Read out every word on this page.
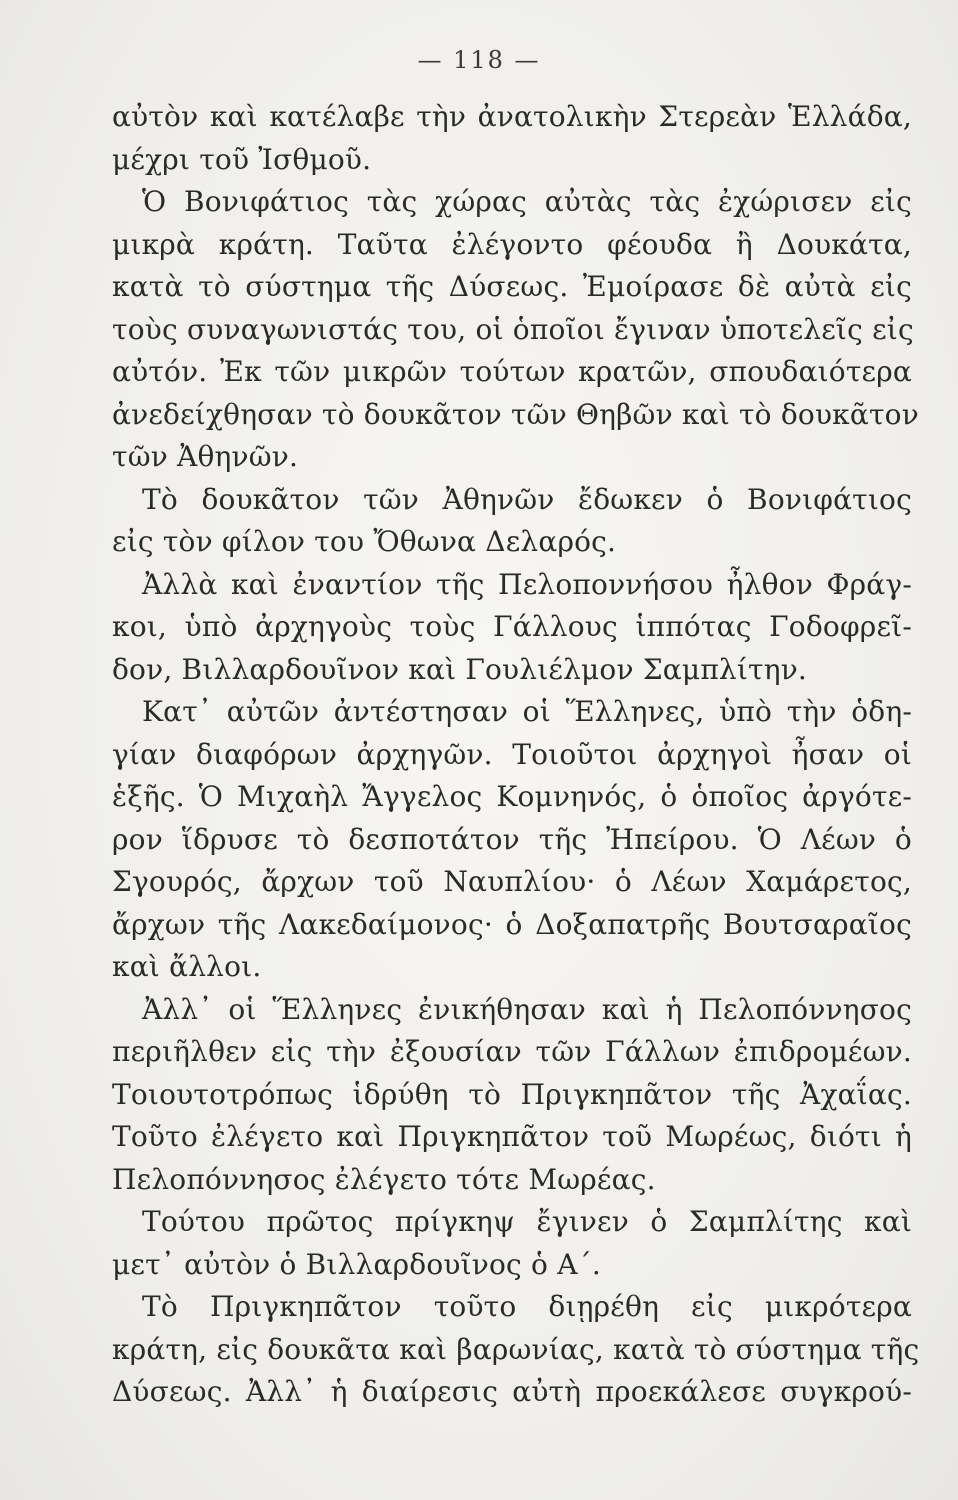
— 118 —
αὐτὸν καὶ κατέλαβε τὴν ἀνατολικὴν Στερεὰν Ἑλλάδα,
μέχρι τοῦ Ἰσθμοῦ.
Ὁ Βονιφάτιος τὰς χώρας αὐτὰς τὰς ἐχώρισεν εἰς
μικρὰ κράτη. Ταῦτα ἐλέγοντο φέουδα ἢ Δουκάτα,
κατὰ τὸ σύστημα τῆς Δύσεως. Ἐμοίρασε δὲ αὐτὰ εἰς
τοὺς συναγωνιστάς του, οἱ ὁποῖοι ἔγιναν ὑποτελεῖς εἰς
αὐτόν. Ἐκ τῶν μικρῶν τούτων κρατῶν, σπουδαιότερα
ἀνεδείχθησαν τὸ δουκᾶτον τῶν Θηβῶν καὶ τὸ δουκᾶτον
τῶν Ἀθηνῶν.
Τὸ δουκᾶτον τῶν Ἀθηνῶν ἔδωκεν ὁ Βονιφάτιος
εἰς τὸν φίλον του Ὄθωνα Δελαρός.
Ἀλλὰ καὶ ἐναντίον τῆς Πελοποννήσου ἦλθον Φράγ-
κοι, ὑπὸ ἀρχηγοὺς τοὺς Γάλλους ἱππότας Γοδοφρεῖ-
δον, Βιλλαρδουῖνον καὶ Γουλιέλμον Σαμπλίτην.
Κατ᾽ αὐτῶν ἀντέστησαν οἱ Ἕλληνες, ὑπὸ τὴν ὁδη-
γίαν διαφόρων ἀρχηγῶν. Τοιοῦτοι ἀρχηγοὶ ἦσαν οἱ
ἑξῆς. Ὁ Μιχαὴλ Ἄγγελος Κομνηνός, ὁ ὁποῖος ἀργότε-
ρον ἵδρυσε τὸ δεσποτάτον τῆς Ἠπείρου. Ὁ Λέων ὁ
Σγουρός, ἄρχων τοῦ Ναυπλίου· ὁ Λέων Χαμάρετος,
ἄρχων τῆς Λακεδαίμονος· ὁ Δοξαπατρῆς Βουτσαραῖος
καὶ ἄλλοι.
Ἀλλ᾽ οἱ Ἕλληνες ἐνικήθησαν καὶ ἡ Πελοπόννησος
περιῆλθεν εἰς τὴν ἐξουσίαν τῶν Γάλλων ἐπιδρομέων.
Τοιουτοτρόπως ἱδρύθη τὸ Πριγκηπᾶτον τῆς Ἀχαΐας.
Τοῦτο ἐλέγετο καὶ Πριγκηπᾶτον τοῦ Μωρέως, διότι ἡ
Πελοπόννησος ἐλέγετο τότε Μωρέας.
Τούτου πρῶτος πρίγκηψ ἔγινεν ὁ Σαμπλίτης καὶ
μετ᾽ αὐτὸν ὁ Βιλλαρδουῖνος ὁ Α΄.
Τὸ Πριγκηπᾶτον τοῦτο διῃρέθη εἰς μικρότερα
κράτη, εἰς δουκᾶτα καὶ βαρωνίας, κατὰ τὸ σύστημα τῆς
Δύσεως. Ἀλλ᾽ ἡ διαίρεσις αὐτὴ προεκάλεσε συγκρού-
